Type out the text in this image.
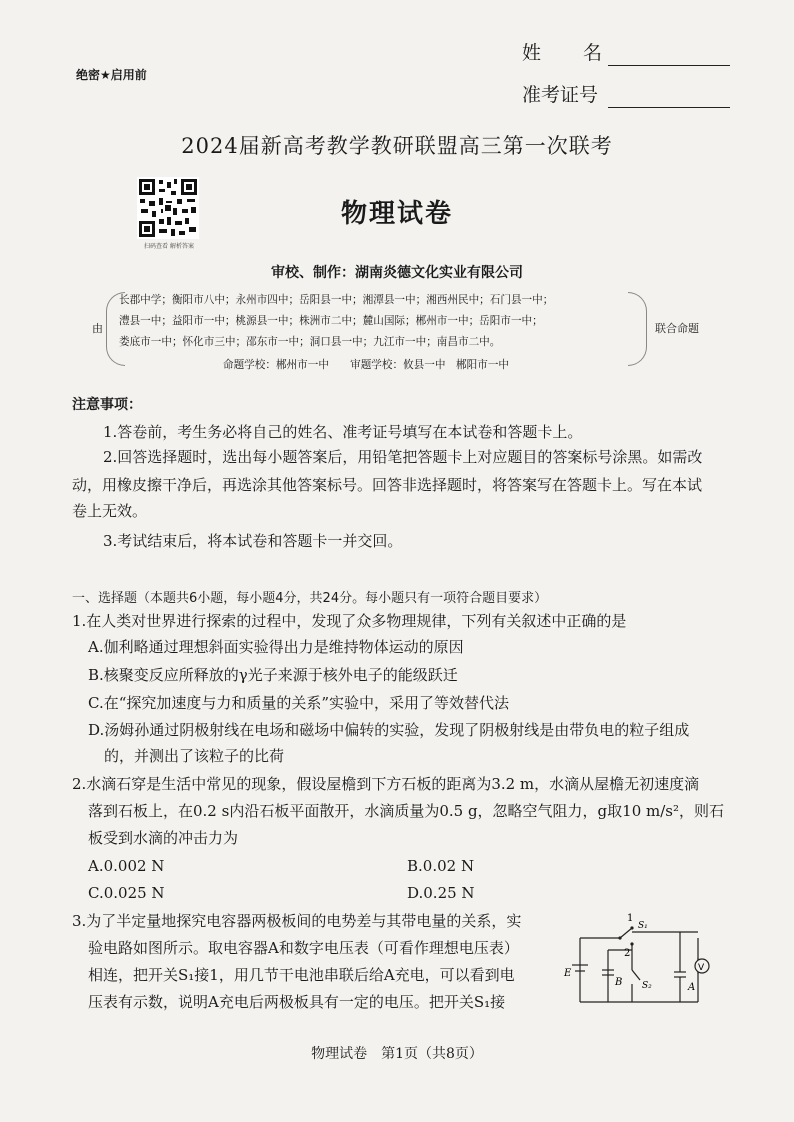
绝密★启用前
姓 名
准考证号
2024届新高考教学教研联盟高三第一次联考
扫码查看 解析答案
物理试卷
审校、制作：湖南炎德文化实业有限公司
由	联合命题
长郡中学；衡阳市八中；永州市四中；岳阳县一中；湘潭县一中；湘西州民中；石门县一中；
澧县一中；益阳市一中；桃源县一中；株洲市二中；麓山国际；郴州市一中；岳阳市一中；
娄底市一中；怀化市三中；邵东市一中；洞口县一中；九江市一中；南昌市二中。
命题学校：郴州市一中　　审题学校：攸县一中　郴阳市一中
注意事项：
1.答卷前，考生务必将自己的姓名、准考证号填写在本试卷和答题卡上。
2.回答选择题时，选出每小题答案后，用铅笔把答题卡上对应题目的答案标号涂黑。如需改
动，用橡皮擦干净后，再选涂其他答案标号。回答非选择题时，将答案写在答题卡上。写在本试
卷上无效。
3.考试结束后，将本试卷和答题卡一并交回。
一、选择题（本题共6小题，每小题4分，共24分。每小题只有一项符合题目要求）
1.在人类对世界进行探索的过程中，发现了众多物理规律，下列有关叙述中正确的是
A.伽利略通过理想斜面实验得出力是维持物体运动的原因
B.核聚变反应所释放的γ光子来源于核外电子的能级跃迁
C.在“探究加速度与力和质量的关系”实验中，采用了等效替代法
D.汤姆孙通过阴极射线在电场和磁场中偏转的实验，发现了阴极射线是由带负电的粒子组成
的，并测出了该粒子的比荷
2.水滴石穿是生活中常见的现象，假设屋檐到下方石板的距离为3.2 m，水滴从屋檐无初速度滴
落到石板上，在0.2 s内沿石板平面散开，水滴质量为0.5 g，忽略空气阻力，g取10 m/s²，则石
板受到水滴的冲击力为
A.0.002 N	B.0.02 N
C.0.025 N	D.0.25 N
3.为了半定量地探究电容器两极板间的电势差与其带电量的关系，实
验电路如图所示。取电容器A和数字电压表（可看作理想电压表）
相连，把开关S₁接1，用几节干电池串联后给A充电，可以看到电
压表有示数，说明A充电后两极板具有一定的电压。把开关S₁接
1
2
S₁
E
B S₂	A
V
物理试卷　第1页（共8页）
